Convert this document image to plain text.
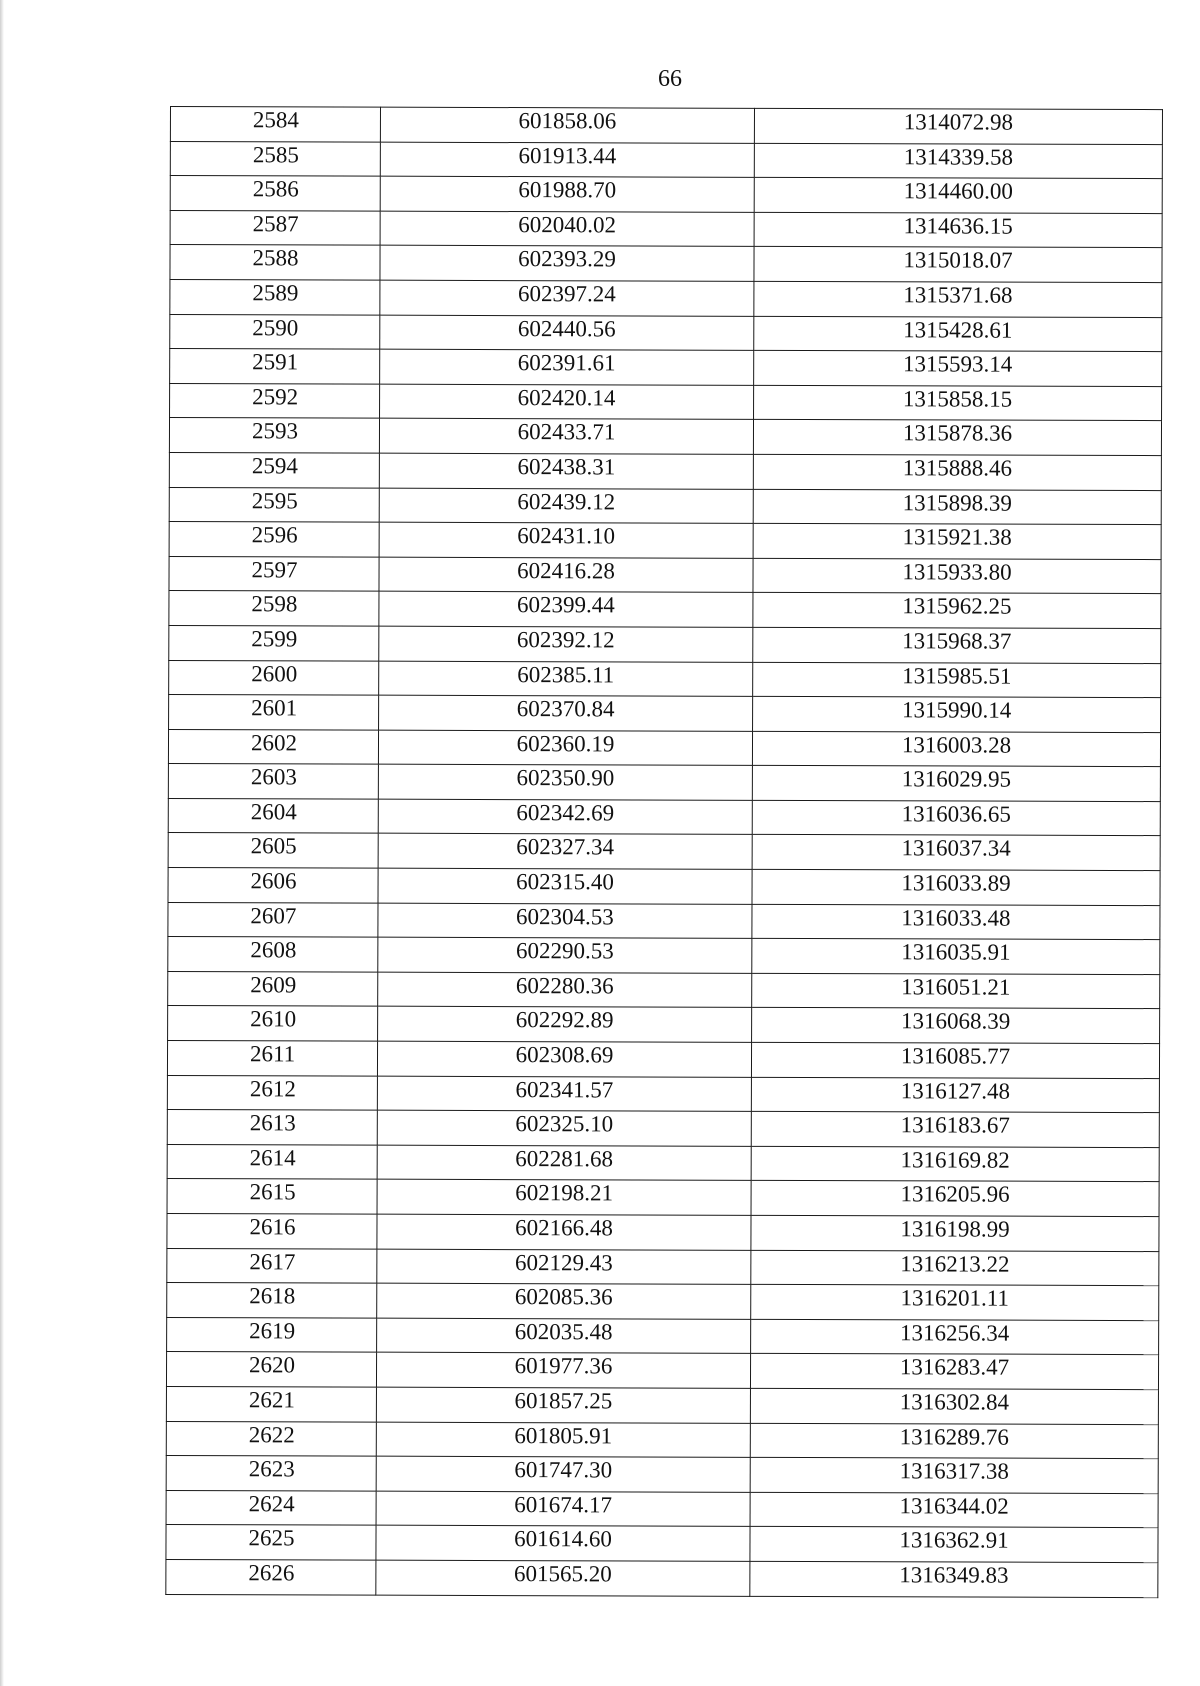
66
2584	601858.06	1314072.98
2585	601913.44	1314339.58
2586	601988.70	1314460.00
2587	602040.02	1314636.15
2588	602393.29	1315018.07
2589	602397.24	1315371.68
2590	602440.56	1315428.61
2591	602391.61	1315593.14
2592	602420.14	1315858.15
2593	602433.71	1315878.36
2594	602438.31	1315888.46
2595	602439.12	1315898.39
2596	602431.10	1315921.38
2597	602416.28	1315933.80
2598	602399.44	1315962.25
2599	602392.12	1315968.37
2600	602385.11	1315985.51
2601	602370.84	1315990.14
2602	602360.19	1316003.28
2603	602350.90	1316029.95
2604	602342.69	1316036.65
2605	602327.34	1316037.34
2606	602315.40	1316033.89
2607	602304.53	1316033.48
2608	602290.53	1316035.91
2609	602280.36	1316051.21
2610	602292.89	1316068.39
2611	602308.69	1316085.77
2612	602341.57	1316127.48
2613	602325.10	1316183.67
2614	602281.68	1316169.82
2615	602198.21	1316205.96
2616	602166.48	1316198.99
2617	602129.43	1316213.22
2618	602085.36	1316201.11
2619	602035.48	1316256.34
2620	601977.36	1316283.47
2621	601857.25	1316302.84
2622	601805.91	1316289.76
2623	601747.30	1316317.38
2624	601674.17	1316344.02
2625	601614.60	1316362.91
2626	601565.20	1316349.83
